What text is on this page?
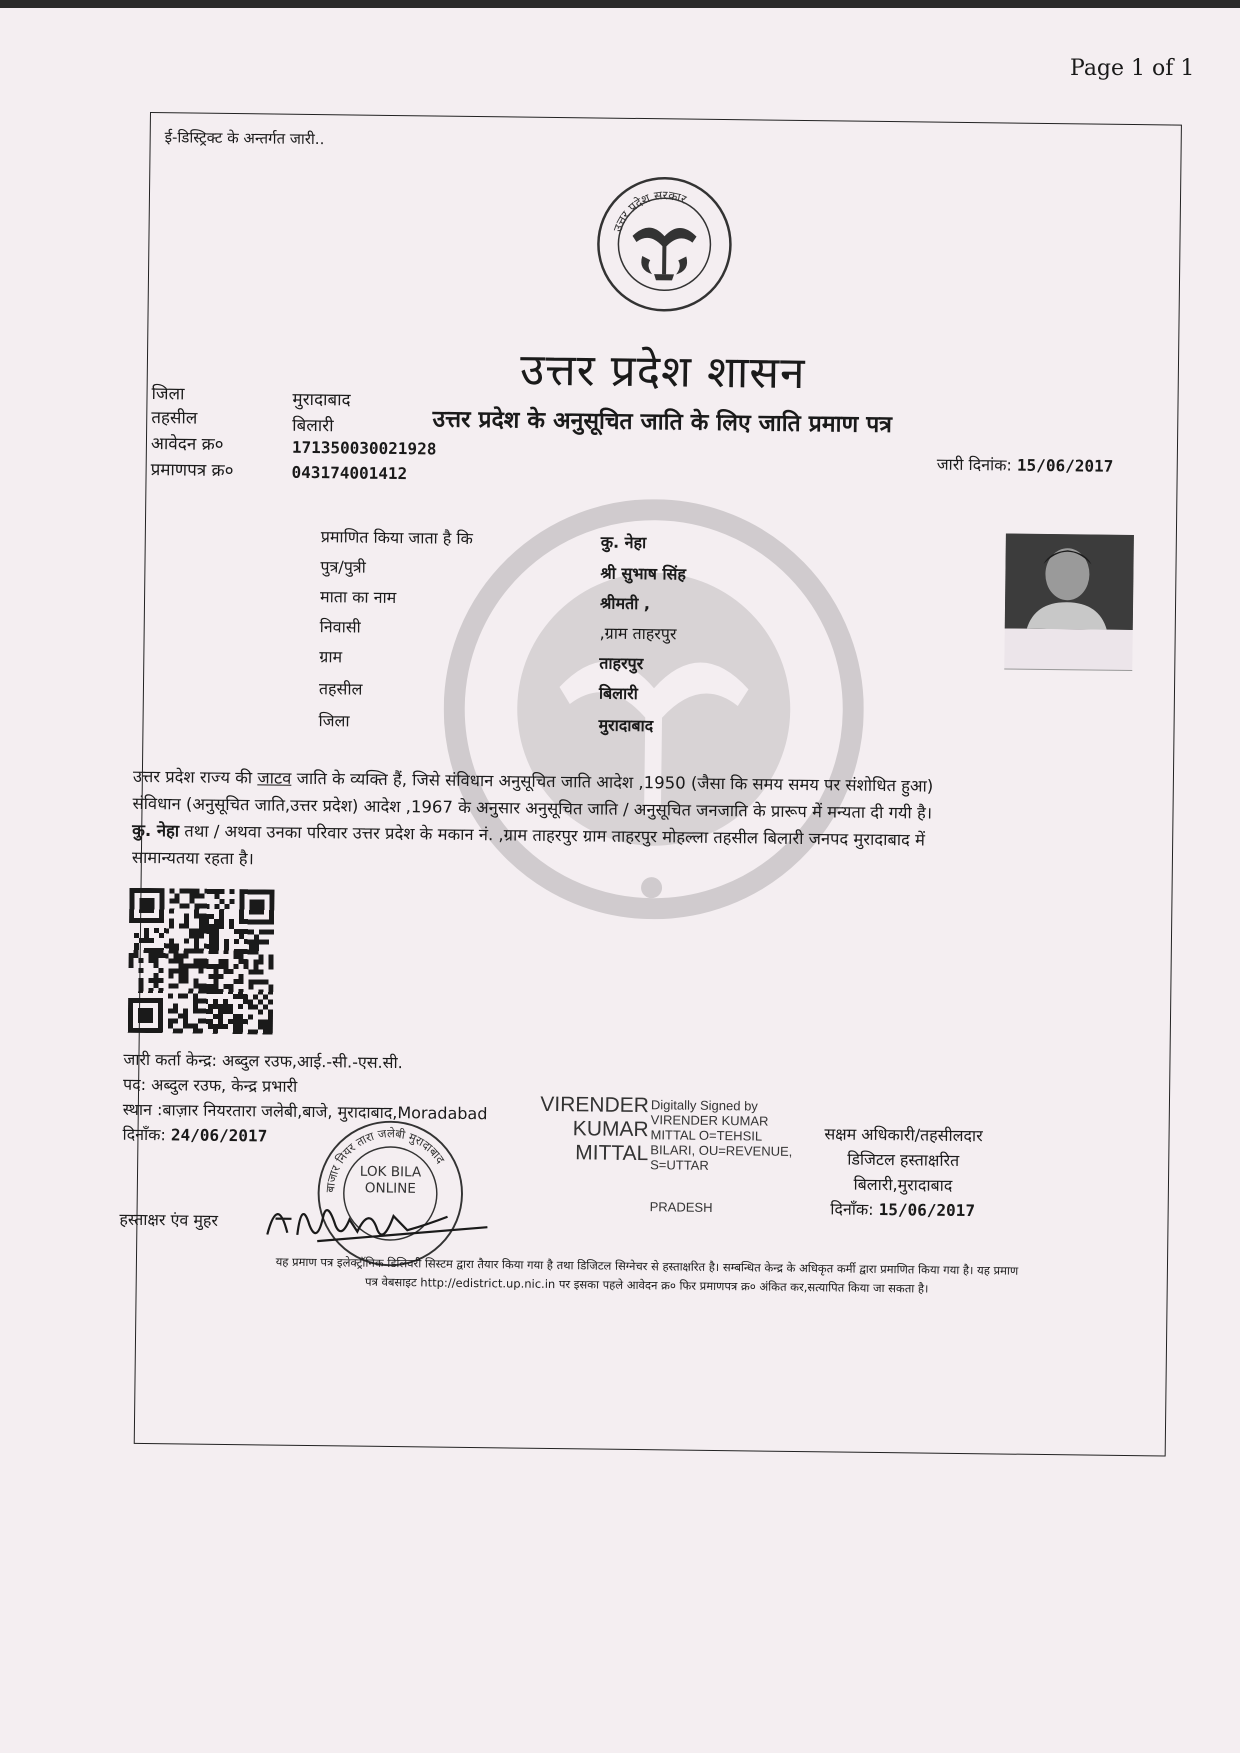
Page 1 of 1
ई-डिस्ट्रिक्ट के अन्तर्गत जारी..
उत्तर प्रदेश सरकार
उत्तर प्रदेश शासन
उत्तर प्रदेश के अनुसूचित जाति के लिए जाति प्रमाण पत्र
जिला	मुरादाबाद
तहसील	बिलारी
आवेदन क्र०	171350030021928
प्रमाणपत्र क्र०	043174001412	जारी दिनांक: 15/06/2017
प्रमाणित किया जाता है कि	कु. नेहा
पुत्र/पुत्री	श्री सुभाष सिंह
माता का नाम	श्रीमती ,
निवासी	,ग्राम ताहरपुर
ग्राम	ताहरपुर
तहसील	बिलारी
जिला	मुरादाबाद
उत्तर प्रदेश राज्य की जाटव जाति के व्यक्ति हैं, जिसे संविधान अनुसूचित जाति आदेश ,1950 (जैसा कि समय समय पर संशोधित हुआ)
संविधान (अनुसूचित जाति,उत्तर प्रदेश) आदेश ,1967 के अनुसार अनुसूचित जाति / अनुसूचित जनजाति के प्रारूप में मन्यता दी गयी है।
कु. नेहा तथा / अथवा उनका परिवार उत्तर प्रदेश के मकान नं. ,ग्राम ताहरपुर ग्राम ताहरपुर मोहल्ला तहसील बिलारी जनपद मुरादाबाद में
सामान्यतया रहता है।
जारी कर्ता केन्द्र: अब्दुल रउफ,आई.-सी.-एस.सी.
पद: अब्दुल रउफ, केन्द्र प्रभारी
स्थान :बाज़ार नियरतारा जलेबी,बाजे, मुरादाबाद,Moradabad
दिनाँक: 24/06/2017
हस्ताक्षर एंव मुहर
बाजार नियर तारा जलेबी मुरादाबाद
LOK BILA ONLINE
VIRENDER
KUMAR
MITTAL
Digitally Signed by VIRENDER KUMAR MITTAL O=TEHSIL BILARI, OU=REVENUE, S=UTTAR
PRADESH
सक्षम अधिकारी/तहसीलदार
डिजिटल हस्ताक्षरित
बिलारी,मुरादाबाद
दिनाँक: 15/06/2017
यह प्रमाण पत्र इलेक्ट्रॉनिक डिलिवरी सिस्टम द्वारा तैयार किया गया है तथा डिजिटल सिग्नेचर से हस्ताक्षरित है। सम्बन्धित केन्द्र के अधिकृत कर्मी द्वारा प्रमाणित किया गया है। यह प्रमाण
पत्र वेबसाइट http://edistrict.up.nic.in पर इसका पहले आवेदन क्र० फिर प्रमाणपत्र क्र० अंकित कर,सत्यापित किया जा सकता है।
